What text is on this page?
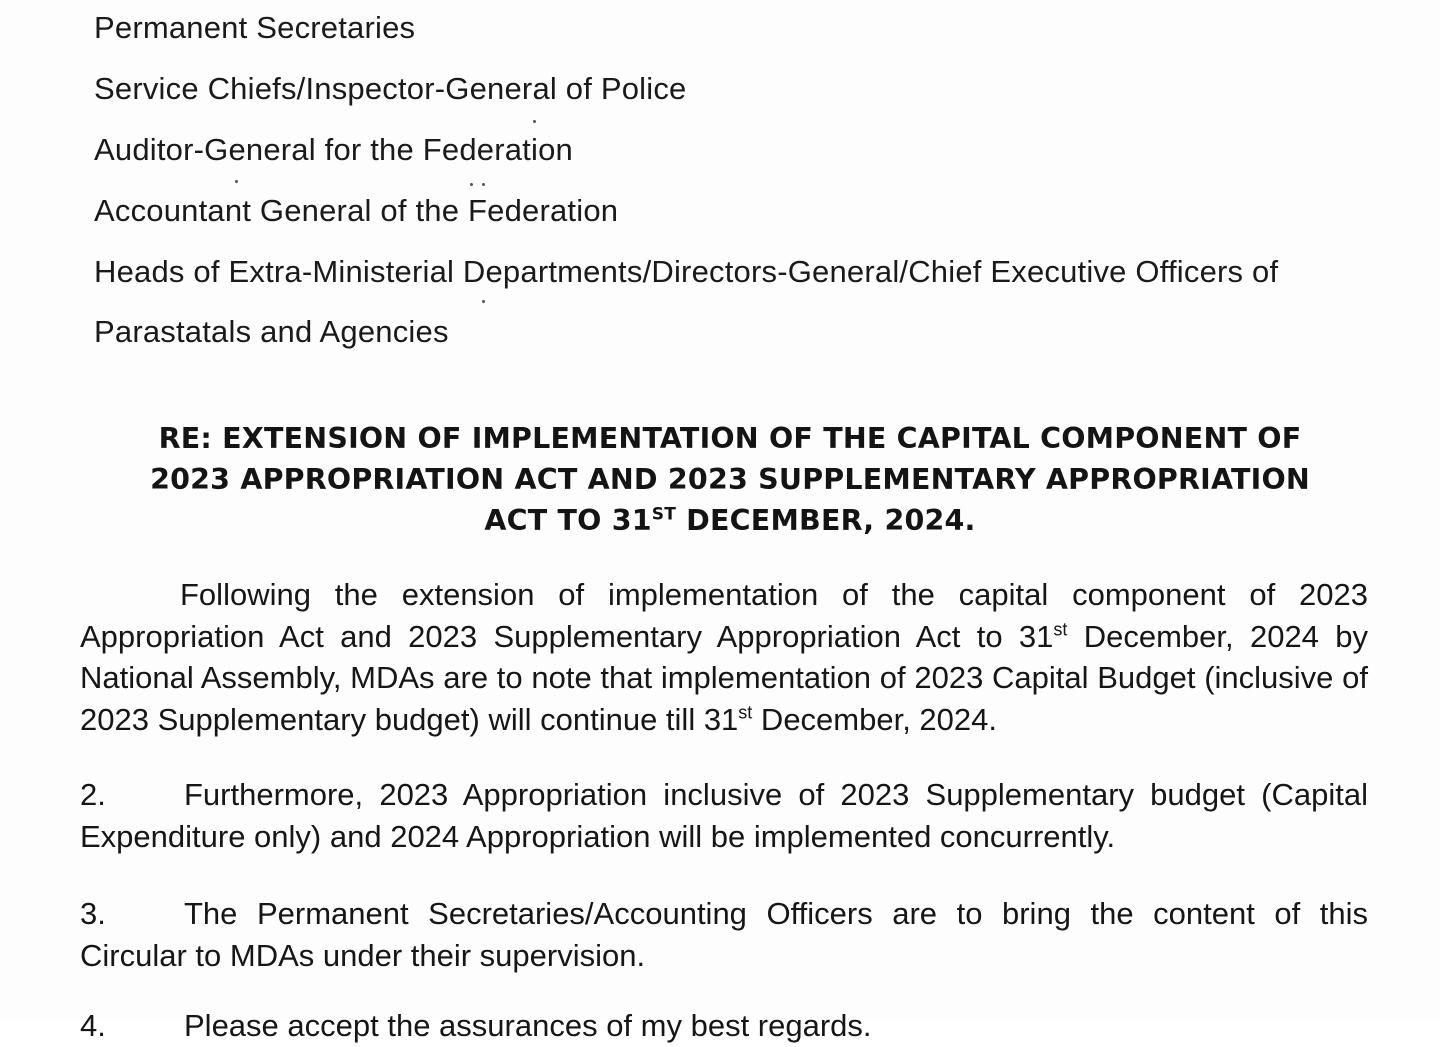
Permanent Secretaries
Service Chiefs/Inspector-General of Police
Auditor-General for the Federation
Accountant General of the Federation
Heads of Extra-Ministerial Departments/Directors-General/Chief Executive Officers of
Parastatals and Agencies
RE: EXTENSION OF IMPLEMENTATION OF THE CAPITAL COMPONENT OF
2023 APPROPRIATION ACT AND 2023 SUPPLEMENTARY APPROPRIATION
ACT TO 31ST DECEMBER, 2024.
Following the extension of implementation of the capital component of 2023 Appropriation Act and 2023 Supplementary Appropriation Act to 31st December, 2024 by National Assembly, MDAs are to note that implementation of 2023 Capital Budget (inclusive of 2023 Supplementary budget) will continue till 31st December, 2024.
2.	Furthermore, 2023 Appropriation inclusive of 2023 Supplementary budget (Capital Expenditure only) and 2024 Appropriation will be implemented concurrently.
3.	The Permanent Secretaries/Accounting Officers are to bring the content of this Circular to MDAs under their supervision.
4.	Please accept the assurances of my best regards.
